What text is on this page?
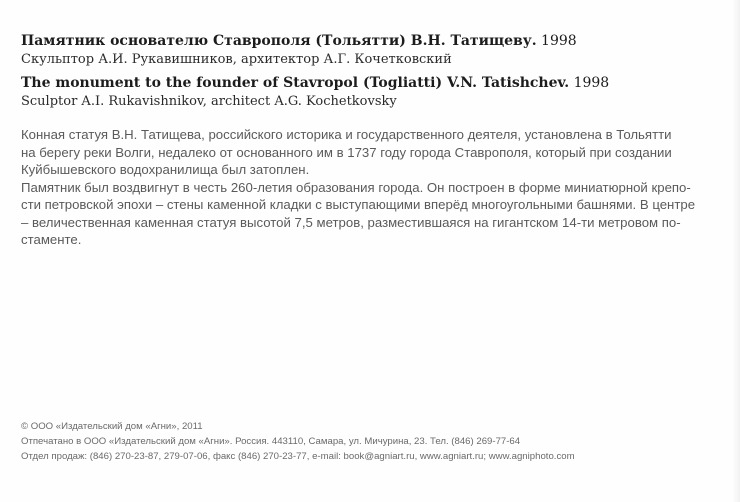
Памятник основателю Ставрополя (Тольятти) В.Н. Татищеву. 1998
Скульптор А.И. Рукавишников, архитектор А.Г. Кочетковский
The monument to the founder of Stavropol (Togliatti) V.N. Tatishchev. 1998
Sculptor A.I. Rukavishnikov, architect A.G. Kochetkovsky
Конная статуя В.Н. Татищева, российского историка и государственного деятеля, установлена в Тольятти
на берегу реки Волги, недалеко от основанного им в 1737 году города Ставрополя, который при создании
Куйбышевского водохранилища был затоплен.
Памятник был воздвигнут в честь 260-летия образования города. Он построен в форме миниатюрной крепо-
сти петровской эпохи – стены каменной кладки с выступающими вперёд многоугольными башнями. В центре
– величественная каменная статуя высотой 7,5 метров, разместившаяся на гигантском 14-ти метровом по-
стаменте.
© ООО «Издательский дом «Агни», 2011
Отпечатано в ООО «Издательский дом «Агни». Россия. 443110, Самара, ул. Мичурина, 23. Тел. (846) 269-77-64
Отдел продаж: (846) 270-23-87, 279-07-06, факс (846) 270-23-77, e-mail: book@agniart.ru, www.agniart.ru; www.agniphoto.com
